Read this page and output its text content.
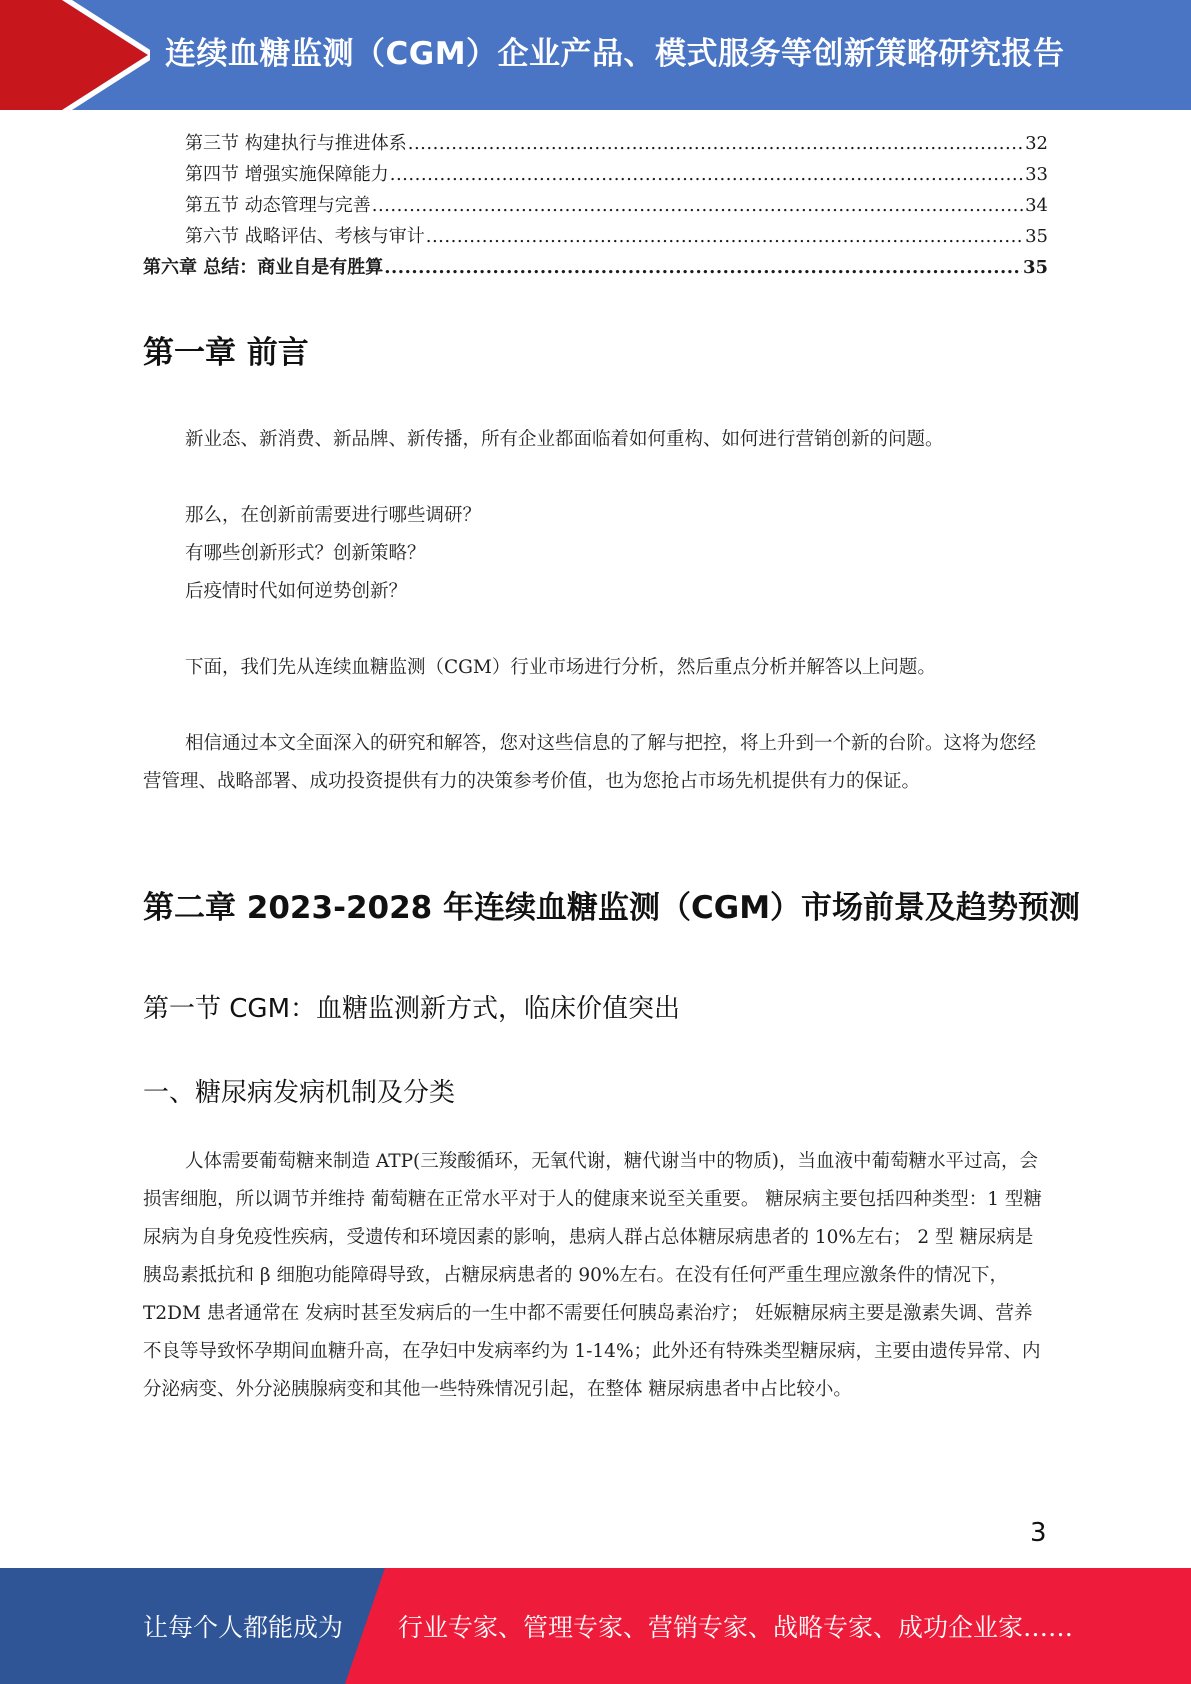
连续血糖监测（CGM）企业产品、模式服务等创新策略研究报告
第三节 构建执行与推进体系 .....	32
第四节 增强实施保障能力 .....	33
第五节 动态管理与完善 .....	34
第六节 战略评估、考核与审计 .....	35
第六章 总结：商业自是有胜算 .....	35
第一章 前言
新业态、新消费、新品牌、新传播，所有企业都面临着如何重构、如何进行营销创新的问题。
那么，在创新前需要进行哪些调研？
有哪些创新形式？创新策略？
后疫情时代如何逆势创新？
下面，我们先从连续血糖监测（CGM）行业市场进行分析，然后重点分析并解答以上问题。

相信通过本文全面深入的研究和解答，您对这些信息的了解与把控，将上升到一个新的台阶。这将为您经营管理、战略部署、成功投资提供有力的决策参考价值，也为您抢占市场先机提供有力的保证。

第二章 2023-2028 年连续血糖监测（CGM）市场前景及趋势预测
第一节 CGM：血糖监测新方式，临床价值突出
一、糖尿病发病机制及分类

人体需要葡萄糖来制造 ATP(三羧酸循环，无氧代谢，糖代谢当中的物质)，当血液中葡萄糖水平过高，会损害细胞，所以调节并维持 葡萄糖在正常水平对于人的健康来说至关重要。 糖尿病主要包括四种类型：1 型糖尿病为自身免疫性疾病，受遗传和环境因素的影响，患病人群占总体糖尿病患者的 10%左右； 2 型 糖尿病是胰岛素抵抗和 β 细胞功能障碍导致，占糖尿病患者的 90%左右。在没有任何严重生理应激条件的情况下，T2DM 患者通常在 发病时甚至发病后的一生中都不需要任何胰岛素治疗； 妊娠糖尿病主要是激素失调、营养不良等导致怀孕期间血糖升高，在孕妇中发病率约为 1-14%；此外还有特殊类型糖尿病，主要由遗传异常、内分泌病变、外分泌胰腺病变和其他一些特殊情况引起，在整体 糖尿病患者中占比较小。

3
让每个人都能成为 行业专家、管理专家、营销专家、战略专家、成功企业家……
